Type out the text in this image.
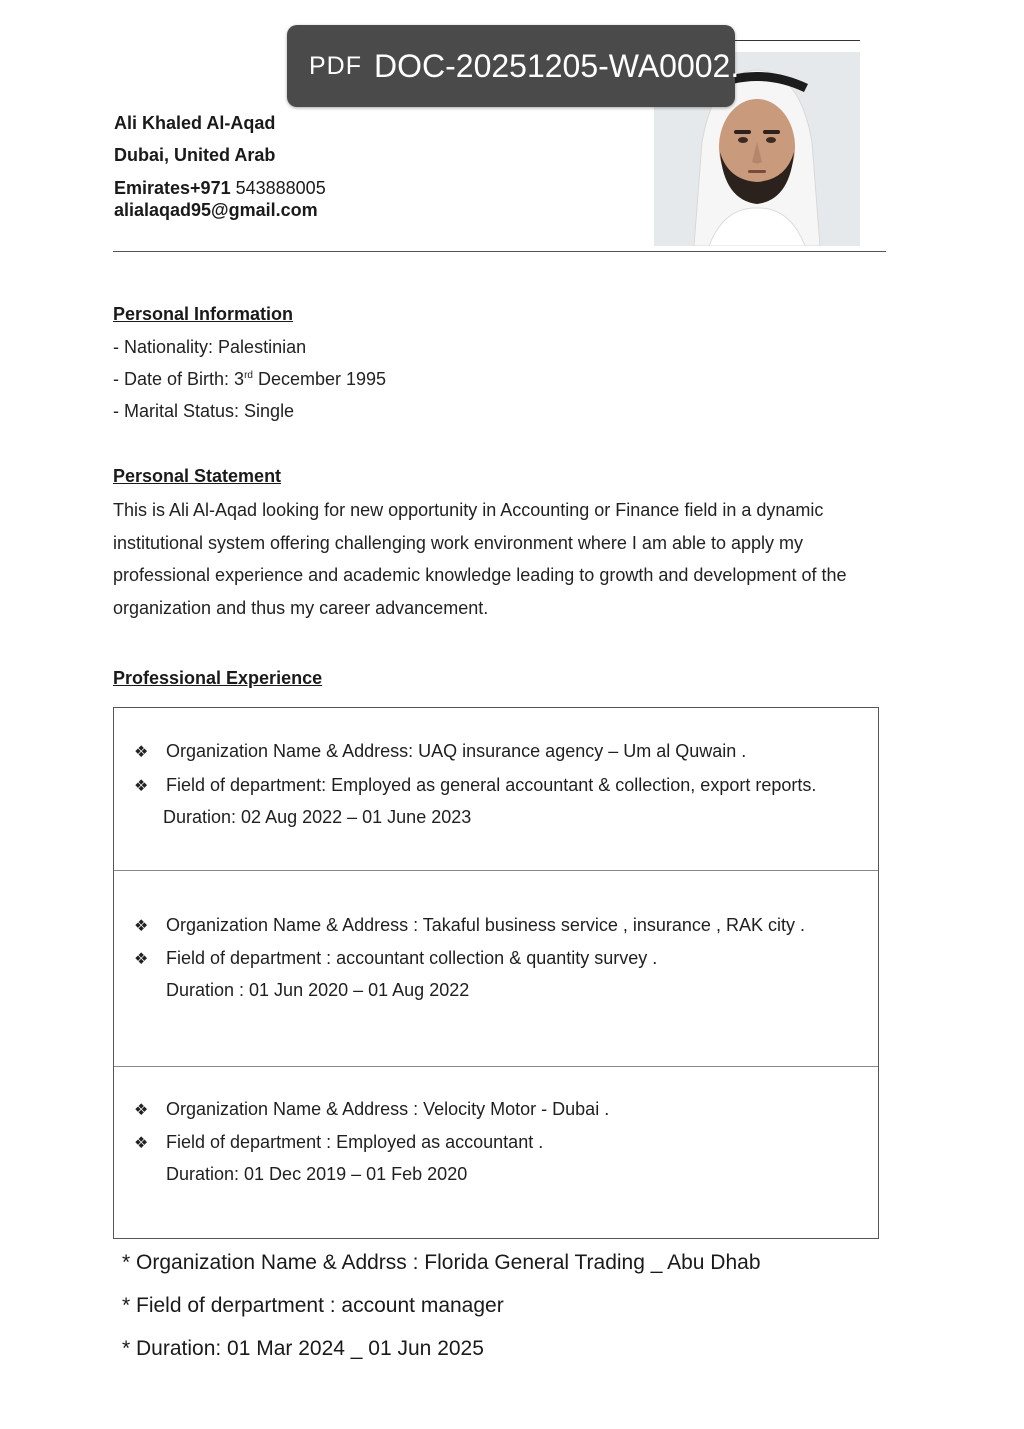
PDF DOC-20251205-WA0002.
Ali Khaled Al-Aqad
Dubai, United Arab
Emirates+971 543888005
alialaqad95@gmail.com
Personal Information
- Nationality: Palestinian
- Date of Birth: 3rd December 1995
- Marital Status: Single
Personal Statement
This is Ali Al-Aqad looking for new opportunity in Accounting or Finance field in a dynamic institutional system offering challenging work environment where I am able to apply my professional experience and academic knowledge leading to growth and development of the organization and thus my career advancement.
Professional Experience
❖ Organization Name & Address: UAQ insurance agency – Um al Quwain .
❖ Field of department: Employed as general accountant & collection, export reports.
Duration: 02 Aug 2022 – 01 June 2023
❖ Organization Name & Address : Takaful business service , insurance , RAK city .
❖ Field of department : accountant collection & quantity survey .
Duration : 01 Jun 2020 – 01 Aug 2022
❖ Organization Name & Address : Velocity Motor - Dubai .
❖ Field of department : Employed as accountant .
Duration: 01 Dec 2019 – 01 Feb 2020
* Organization Name & Addrss : Florida General Trading _ Abu Dhab
* Field of derpartment : account manager
* Duration: 01 Mar 2024 _ 01 Jun 2025
